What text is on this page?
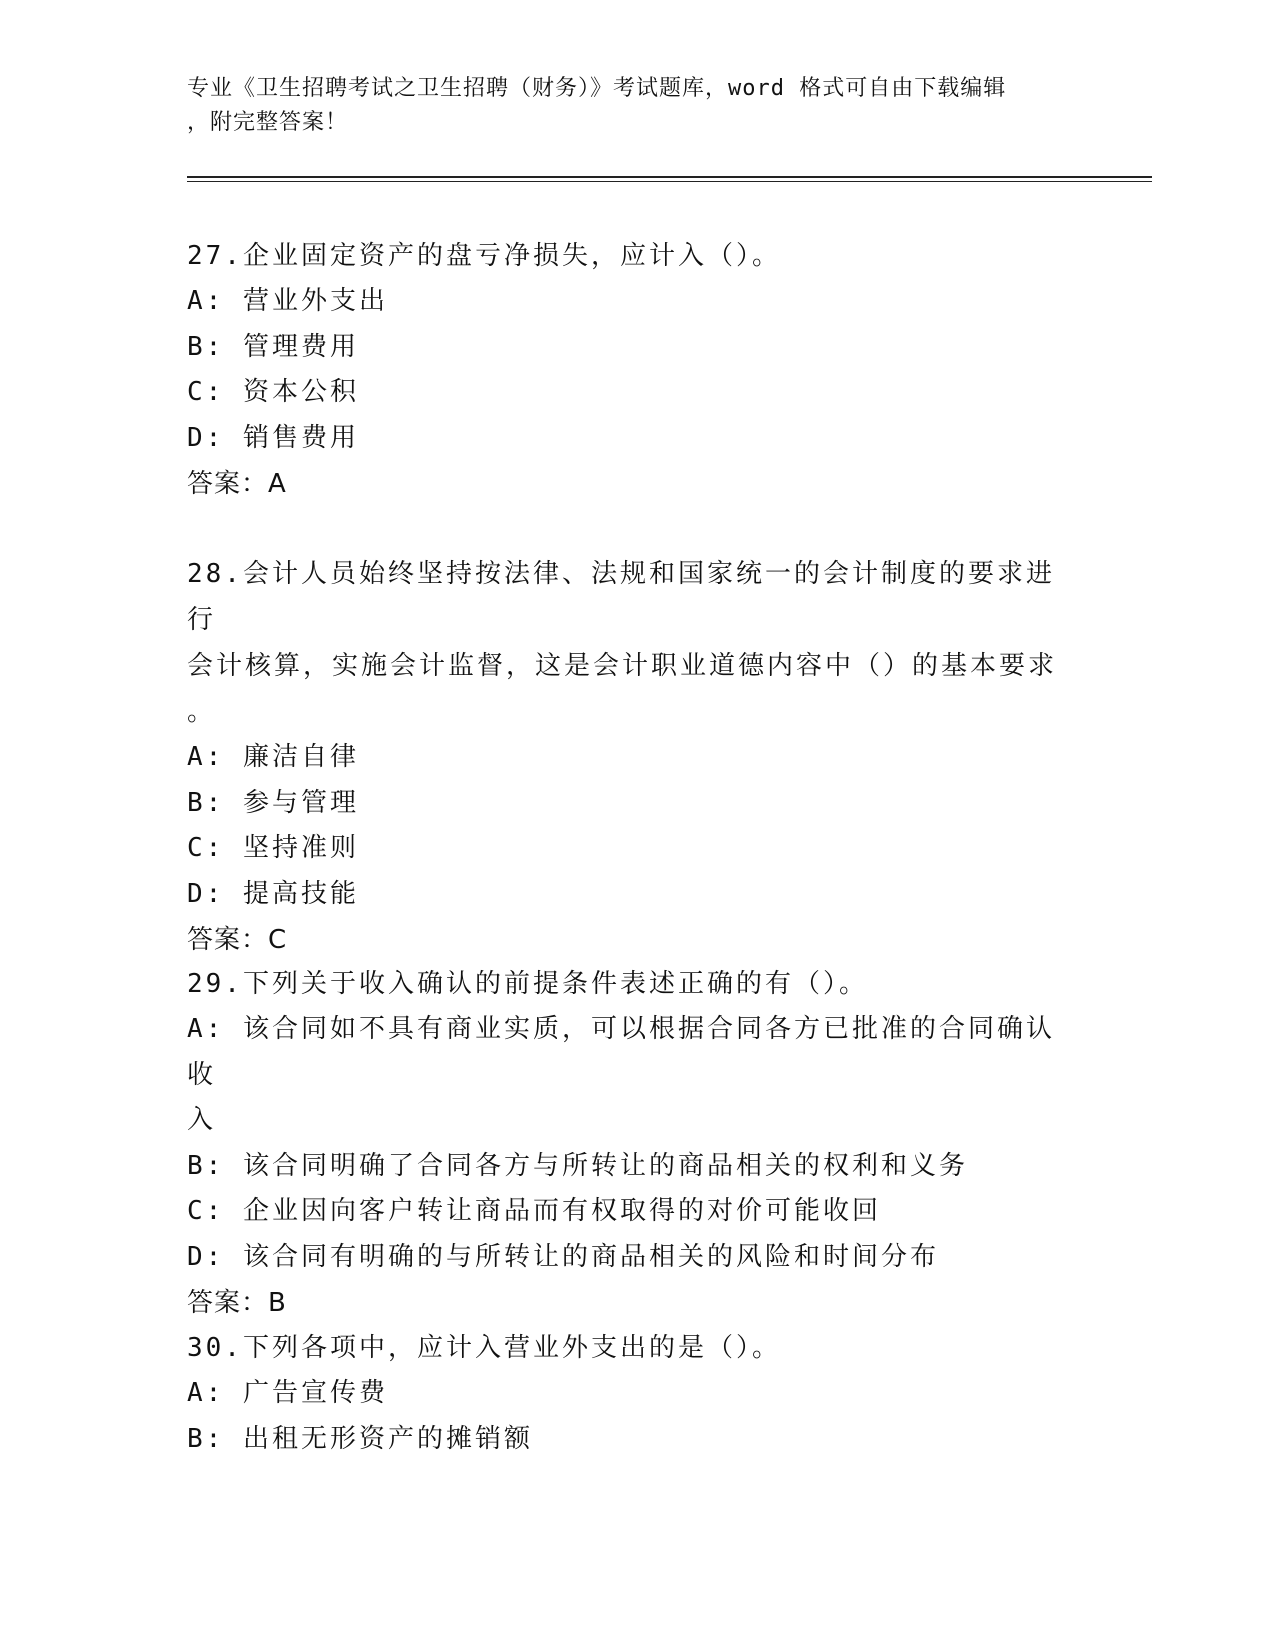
专业《卫生招聘考试之卫生招聘（财务）》考试题库，word 格式可自由下载编辑
，附完整答案！

27.企业固定资产的盘亏净损失，应计入（）。

A: 营业外支出

B: 管理费用

C: 资本公积

D: 销售费用

答案：A

28.会计人员始终坚持按法律、法规和国家统一的会计制度的要求进行
会计核算，实施会计监督，这是会计职业道德内容中（）的基本要求
。

A: 廉洁自律

B: 参与管理

C: 坚持准则

D: 提高技能

答案：C

29.下列关于收入确认的前提条件表述正确的有（）。

A: 该合同如不具有商业实质，可以根据合同各方已批准的合同确认收
入

B: 该合同明确了合同各方与所转让的商品相关的权利和义务

C: 企业因向客户转让商品而有权取得的对价可能收回

D: 该合同有明确的与所转让的商品相关的风险和时间分布

答案：B

30.下列各项中，应计入营业外支出的是（）。

A: 广告宣传费

B: 出租无形资产的摊销额
